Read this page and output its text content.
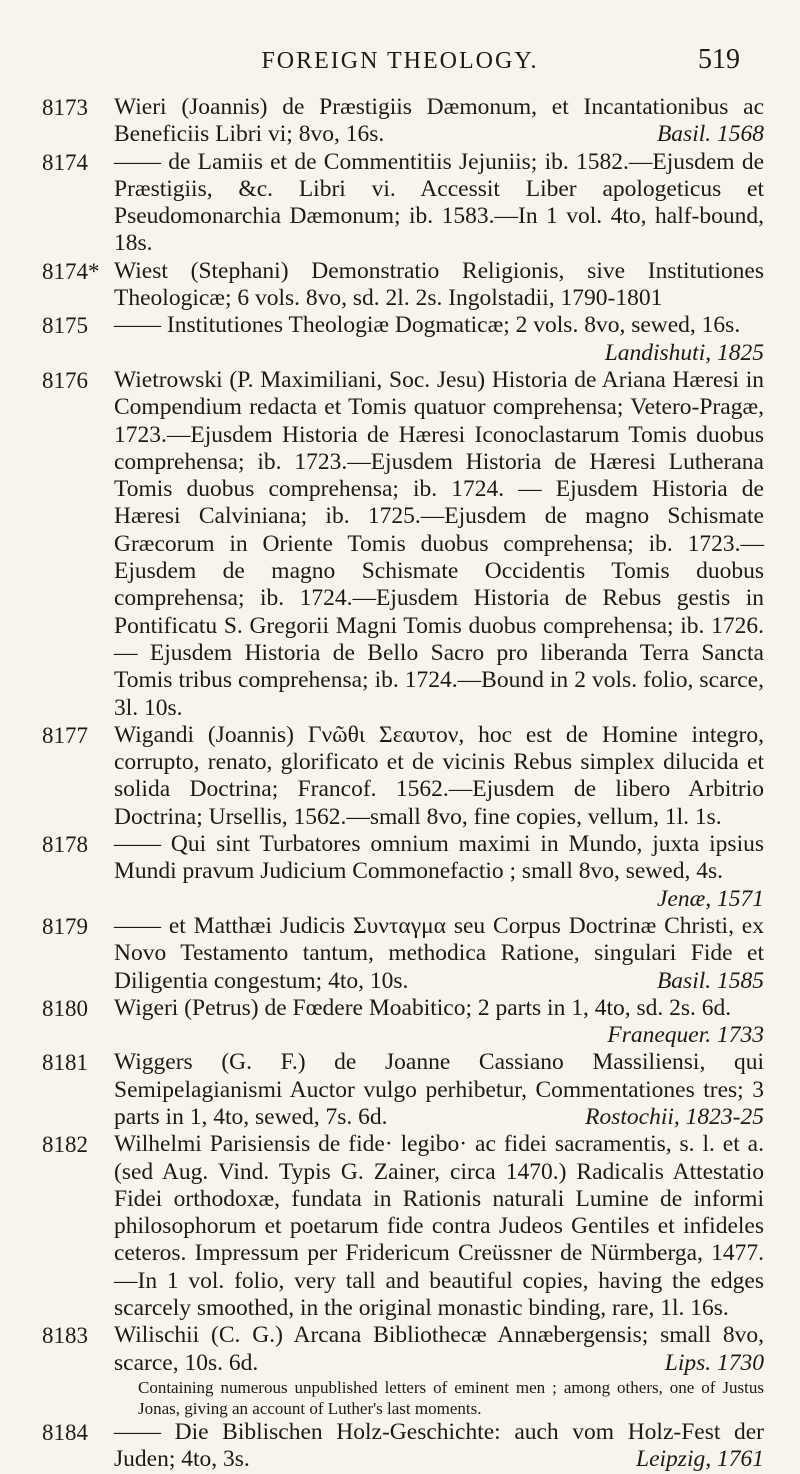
FOREIGN THEOLOGY.	519
8173 Wieri (Joannis) de Præstigiis Dæmonum, et Incantationibus ac Beneficiis Libri vi; 8vo, 16s.	Basil. 1568
8174 —— de Lamiis et de Commentitiis Jejuniis; ib. 1582.—Ejusdem de Præstigiis, &c. Libri vi. Accessit Liber apologeticus et Pseudomonarchia Dæmonum; ib. 1583.—In 1 vol. 4to, half-bound, 18s.
8174* Wiest (Stephani) Demonstratio Religionis, sive Institutiones Theologicæ; 6 vols. 8vo, sd. 2l. 2s. Ingolstadii, 1790-1801
8175 —— Institutiones Theologiæ Dogmaticæ; 2 vols. 8vo, sewed, 16s.
Landishuti, 1825
8176 Wietrowski (P. Maximiliani, Soc. Jesu) Historia de Ariana Hæresi in Compendium redacta et Tomis quatuor comprehensa; Vetero-Pragæ, 1723.—Ejusdem Historia de Hæresi Iconoclastarum Tomis duobus comprehensa; ib. 1723.—Ejusdem Historia de Hæresi Lutherana Tomis duobus comprehensa; ib. 1724. — Ejusdem Historia de Hæresi Calviniana; ib. 1725.—Ejusdem de magno Schismate Græcorum in Oriente Tomis duobus comprehensa; ib. 1723.—Ejusdem de magno Schismate Occidentis Tomis duobus comprehensa; ib. 1724.—Ejusdem Historia de Rebus gestis in Pontificatu S. Gregorii Magni Tomis duobus comprehensa; ib. 1726. — Ejusdem Historia de Bello Sacro pro liberanda Terra Sancta Tomis tribus comprehensa; ib. 1724.—Bound in 2 vols. folio, scarce, 3l. 10s.
8177 Wigandi (Joannis) Γνῶθι Σεαυτον, hoc est de Homine integro, corrupto, renato, glorificato et de vicinis Rebus simplex dilucida et solida Doctrina; Francof. 1562.—Ejusdem de libero Arbitrio Doctrina; Ursellis, 1562.—small 8vo, fine copies, vellum, 1l. 1s.
8178 —— Qui sint Turbatores omnium maximi in Mundo, juxta ipsius Mundi pravum Judicium Commonefactio ; small 8vo, sewed, 4s.
Jenæ, 1571
8179 —— et Matthæi Judicis Συνταγμα seu Corpus Doctrinæ Christi, ex Novo Testamento tantum, methodica Ratione, singulari Fide et Diligentia congestum; 4to, 10s.	Basil. 1585
8180 Wigeri (Petrus) de Fœdere Moabitico; 2 parts in 1, 4to, sd. 2s. 6d.
Franequer. 1733
8181 Wiggers (G. F.) de Joanne Cassiano Massiliensi, qui Semipelagianismi Auctor vulgo perhibetur, Commentationes tres; 3 parts in 1, 4to, sewed, 7s. 6d.	Rostochii, 1823-25
8182 Wilhelmi Parisiensis de fide· legibo· ac fidei sacramentis, s. l. et a. (sed Aug. Vind. Typis G. Zainer, circa 1470.) Radicalis Attestatio Fidei orthodoxæ, fundata in Rationis naturali Lumine de informi philosophorum et poetarum fide contra Judeos Gentiles et infideles ceteros. Impressum per Fridericum Creüssner de Nürmberga, 1477.—In 1 vol. folio, very tall and beautiful copies, having the edges scarcely smoothed, in the original monastic binding, rare, 1l. 16s.
8183 Wilischii (C. G.) Arcana Bibliothecæ Annæbergensis; small 8vo, scarce, 10s. 6d.	Lips. 1730
Containing numerous unpublished letters of eminent men ; among others, one of Justus Jonas, giving an account of Luther's last moments.
8184 —— Die Biblischen Holz-Geschichte: auch vom Holz-Fest der Juden; 4to, 3s.	Leipzig, 1761
